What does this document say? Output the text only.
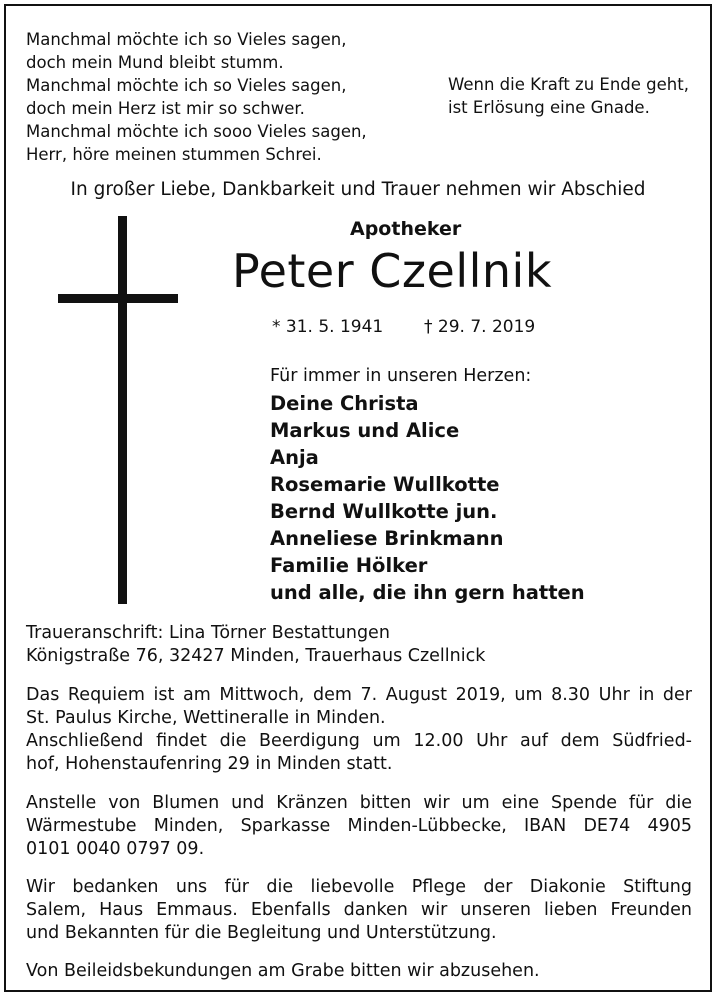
Manchmal möchte ich so Vieles sagen,
doch mein Mund bleibt stumm.
Manchmal möchte ich so Vieles sagen,
doch mein Herz ist mir so schwer.
Manchmal möchte ich sooo Vieles sagen,
Herr, höre meinen stummen Schrei.
Wenn die Kraft zu Ende geht,
ist Erlösung eine Gnade.
In großer Liebe, Dankbarkeit und Trauer nehmen wir Abschied
Apotheker
Peter Czellnik
* 31. 5. 1941 † 29. 7. 2019
Für immer in unseren Herzen:
Deine Christa
Markus und Alice
Anja
Rosemarie Wullkotte
Bernd Wullkotte jun.
Anneliese Brinkmann
Familie Hölker
und alle, die ihn gern hatten
Traueranschrift: Lina Törner Bestattungen
Königstraße 76, 32427 Minden, Trauerhaus Czellnick
Das Requiem ist am Mittwoch, dem 7. August 2019, um 8.30 Uhr in der
St. Paulus Kirche, Wettineralle in Minden.
Anschließend findet die Beerdigung um 12.00 Uhr auf dem Südfried-
hof, Hohenstaufenring 29 in Minden statt.
Anstelle von Blumen und Kränzen bitten wir um eine Spende für die
Wärmestube Minden, Sparkasse Minden-Lübbecke, IBAN DE74 4905
0101 0040 0797 09.
Wir bedanken uns für die liebevolle Pflege der Diakonie Stiftung
Salem, Haus Emmaus. Ebenfalls danken wir unseren lieben Freunden
und Bekannten für die Begleitung und Unterstützung.
Von Beileidsbekundungen am Grabe bitten wir abzusehen.
